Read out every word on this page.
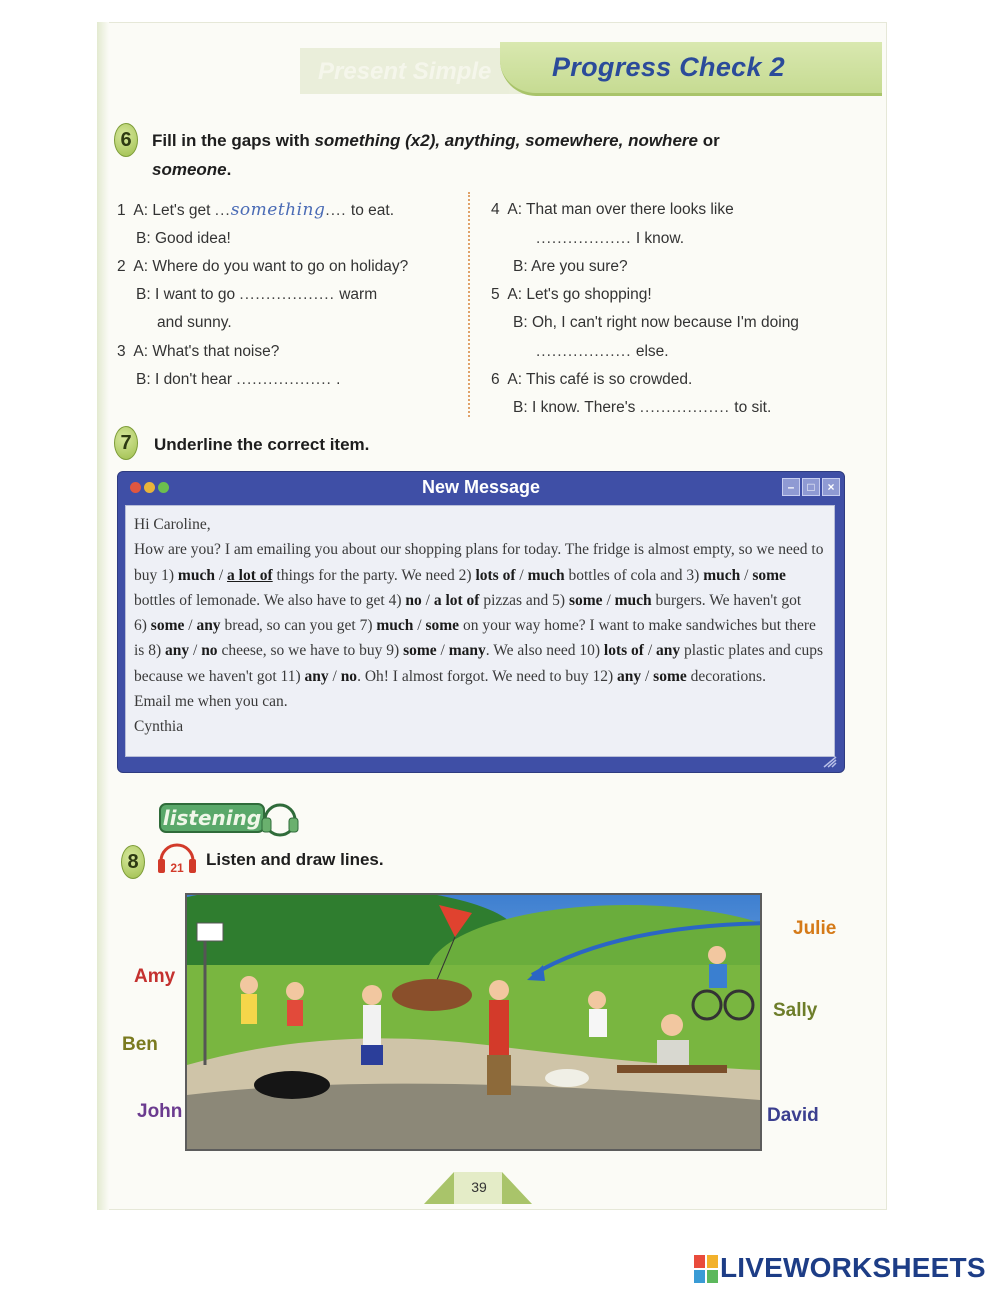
Present Simple	Progress Check 2
6	Fill in the gaps with something (x2), anything, somewhere, nowhere or
someone.
1 A: Let's get ...something.... to eat.
B: Good idea!
2 A: Where do you want to go on holiday?
B: I want to go .................. warm
and sunny.
3 A: What's that noise?
B: I don't hear .................. .
4 A: That man over there looks like
.................. I know.
B: Are you sure?
5 A: Let's go shopping!
B: Oh, I can't right now because I'm doing
.................. else.
6 A: This café is so crowded.
B: I know. There's ................. to sit.
7	Underline the correct item.
New Message	–	□	×
Hi Caroline,
How are you? I am emailing you about our shopping plans for today. The fridge is almost empty, so we need to
buy 1) much / a lot of things for the party. We need 2) lots of / much bottles of cola and 3) much / some
bottles of lemonade. We also have to get 4) no / a lot of pizzas and 5) some / much burgers. We haven't got
6) some / any bread, so can you get 7) much / some on your way home? I want to make sandwiches but there
is 8) any / no cheese, so we have to buy 9) some / many. We also need 10) lots of / any plastic plates and cups
because we haven't got 11) any / no. Oh! I almost forgot. We need to buy 12) any / some decorations.
Email me when you can.
Cynthia
listening
8	21 Listen and draw lines.
Amy
Ben
John
Julie
Sally
David
39
LIVEWORKSHEETS
